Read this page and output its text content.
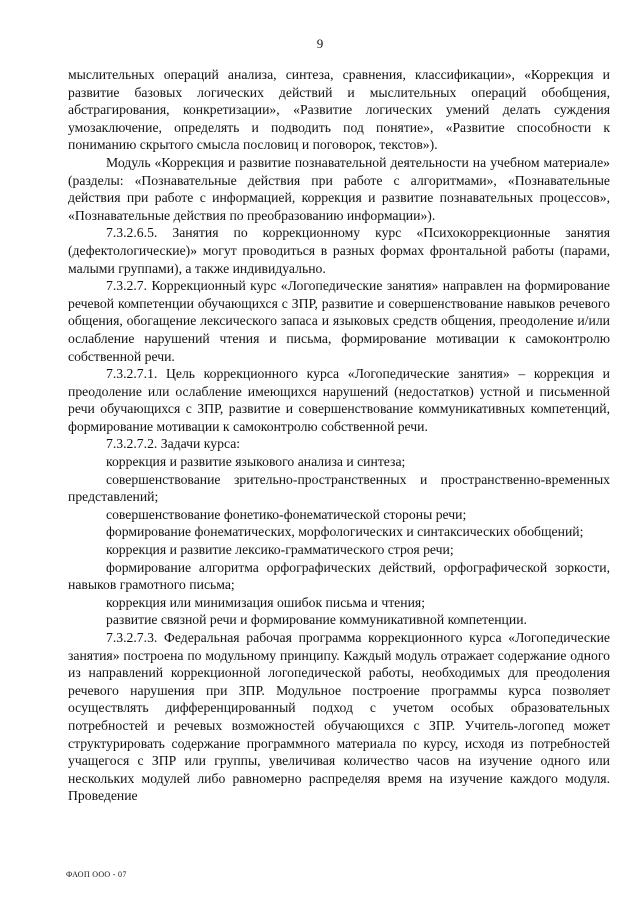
9

мыслительных операций анализа, синтеза, сравнения, классификации», «Коррекция и развитие базовых логических действий и мыслительных операций обобщения, абстрагирования, конкретизации», «Развитие логических умений делать суждения умозаключение, определять и подводить под понятие», «Развитие способности к пониманию скрытого смысла пословиц и поговорок, текстов»).

Модуль «Коррекция и развитие познавательной деятельности на учебном материале» (разделы: «Познавательные действия при работе с алгоритмами», «Познавательные действия при работе с информацией, коррекция и развитие познавательных процессов», «Познавательные действия по преобразованию информации»).

7.3.2.6.5. Занятия по коррекционному курс «Психокоррекционные занятия (дефектологические)» могут проводиться в разных формах фронтальной работы (парами, малыми группами), а также индивидуально.

7.3.2.7. Коррекционный курс «Логопедические занятия» направлен на формирование речевой компетенции обучающихся с ЗПР, развитие и совершенствование навыков речевого общения, обогащение лексического запаса и языковых средств общения, преодоление и/или ослабление нарушений чтения и письма, формирование мотивации к самоконтролю собственной речи.

7.3.2.7.1. Цель коррекционного курса «Логопедические занятия» – коррекция и преодоление или ослабление имеющихся нарушений (недостатков) устной и письменной речи обучающихся с ЗПР, развитие и совершенствование коммуникативных компетенций, формирование мотивации к самоконтролю собственной речи.

7.3.2.7.2. Задачи курса:

коррекция и развитие языкового анализа и синтеза;

совершенствование зрительно-пространственных и пространственно-временных представлений;

совершенствование фонетико-фонематической стороны речи;

формирование фонематических, морфологических и синтаксических обобщений;

коррекция и развитие лексико-грамматического строя речи;

формирование алгоритма орфографических действий, орфографической зоркости, навыков грамотного письма;

коррекция или минимизация ошибок письма и чтения;

развитие связной речи и формирование коммуникативной компетенции.

7.3.2.7.3. Федеральная рабочая программа коррекционного курса «Логопедические занятия» построена по модульному принципу. Каждый модуль отражает содержание одного из направлений коррекционной логопедической работы, необходимых для преодоления речевого нарушения при ЗПР. Модульное построение программы курса позволяет осуществлять дифференцированный подход с учетом особых образовательных потребностей и речевых возможностей обучающихся с ЗПР. Учитель-логопед может структурировать содержание программного материала по курсу, исходя из потребностей учащегося с ЗПР или группы, увеличивая количество часов на изучение одного или нескольких модулей либо равномерно распределяя время на изучение каждого модуля. Проведение

ФАОП ООО - 07
